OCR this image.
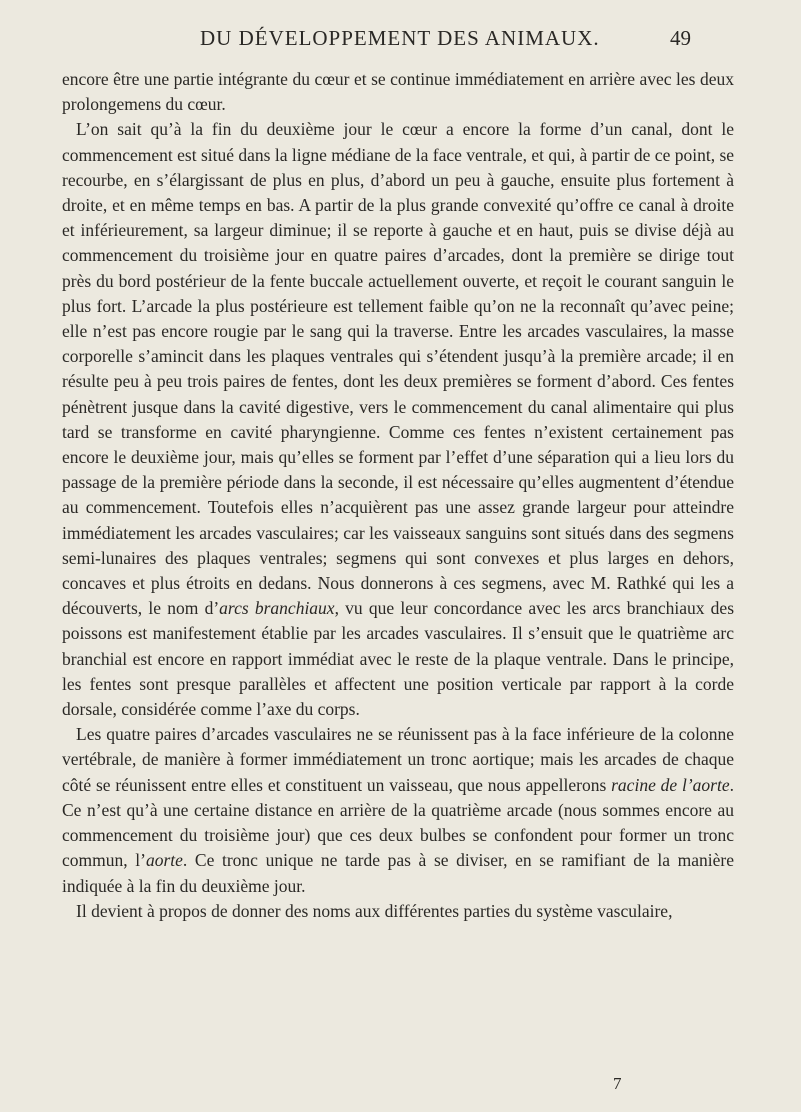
DU DÉVELOPPEMENT DES ANIMAUX.	49

encore être une partie intégrante du cœur et se continue immédiatement en arrière avec les deux prolongemens du cœur.

L’on sait qu’à la fin du deuxième jour le cœur a encore la forme d’un canal, dont le commencement est situé dans la ligne médiane de la face ventrale, et qui, à partir de ce point, se recourbe, en s’élargissant de plus en plus, d’abord un peu à gauche, ensuite plus fortement à droite, et en même temps en bas. A partir de la plus grande convexité qu’offre ce canal à droite et inférieurement, sa largeur diminue; il se reporte à gauche et en haut, puis se divise déjà au commencement du troisième jour en quatre paires d’arcades, dont la première se dirige tout près du bord postérieur de la fente buccale actuellement ouverte, et reçoit le courant sanguin le plus fort. L’arcade la plus postérieure est tellement faible qu’on ne la reconnaît qu’avec peine; elle n’est pas encore rougie par le sang qui la traverse. Entre les arcades vasculaires, la masse corporelle s’amincit dans les plaques ventrales qui s’étendent jusqu’à la première arcade; il en résulte peu à peu trois paires de fentes, dont les deux premières se forment d’abord. Ces fentes pénètrent jusque dans la cavité digestive, vers le commencement du canal alimentaire qui plus tard se transforme en cavité pharyngienne. Comme ces fentes n’existent certainement pas encore le deuxième jour, mais qu’elles se forment par l’effet d’une séparation qui a lieu lors du passage de la première période dans la seconde, il est nécessaire qu’elles augmentent d’étendue au commencement. Toutefois elles n’acquièrent pas une assez grande largeur pour atteindre immédiatement les arcades vasculaires; car les vaisseaux sanguins sont situés dans des segmens semi-lunaires des plaques ventrales; segmens qui sont convexes et plus larges en dehors, concaves et plus étroits en dedans. Nous donnerons à ces segmens, avec M. Rathké qui les a découverts, le nom d’arcs branchiaux, vu que leur concordance avec les arcs branchiaux des poissons est manifestement établie par les arcades vasculaires. Il s’ensuit que le quatrième arc branchial est encore en rapport immédiat avec le reste de la plaque ventrale. Dans le principe, les fentes sont presque parallèles et affectent une position verticale par rapport à la corde dorsale, considérée comme l’axe du corps.

Les quatre paires d’arcades vasculaires ne se réunissent pas à la face inférieure de la colonne vertébrale, de manière à former immédiatement un tronc aortique; mais les arcades de chaque côté se réunissent entre elles et constituent un vaisseau, que nous appellerons racine de l’aorte. Ce n’est qu’à une certaine distance en arrière de la quatrième arcade (nous sommes encore au commencement du troisième jour) que ces deux bulbes se confondent pour former un tronc commun, l’aorte. Ce tronc unique ne tarde pas à se diviser, en se ramifiant de la manière indiquée à la fin du deuxième jour.

Il devient à propos de donner des noms aux différentes parties du système vasculaire,

7
